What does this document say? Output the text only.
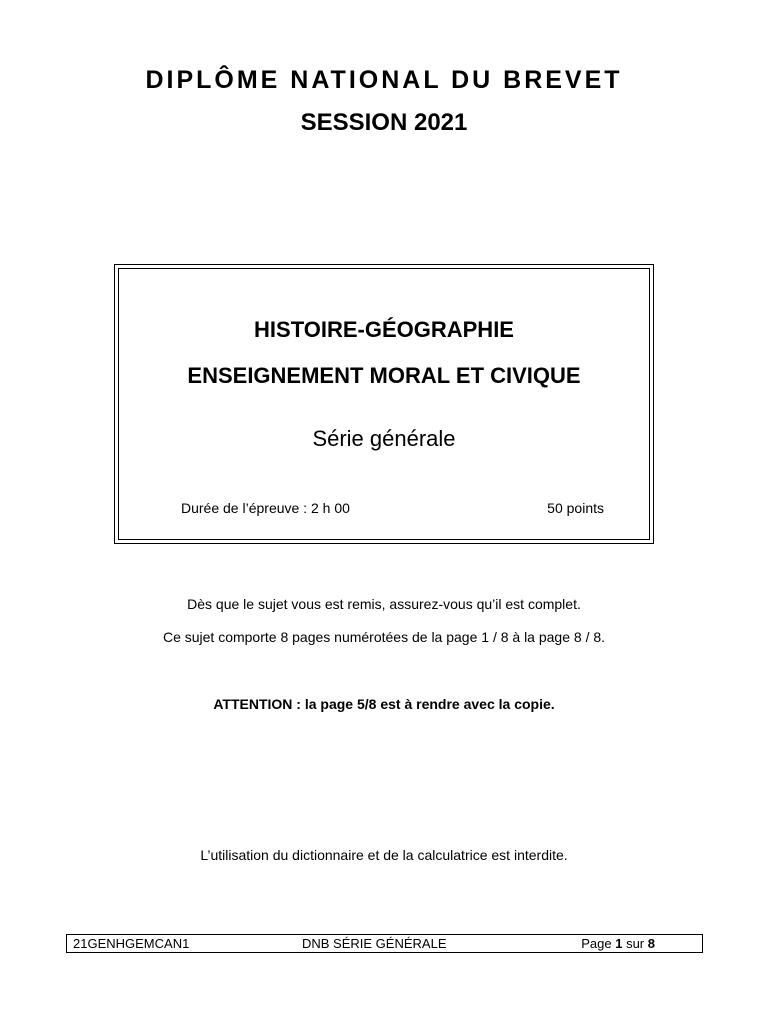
DIPLÔME NATIONAL DU BREVET
SESSION 2021
HISTOIRE-GÉOGRAPHIE
ENSEIGNEMENT MORAL ET CIVIQUE
Série générale
Durée de l’épreuve : 2 h 00	50 points
Dès que le sujet vous est remis, assurez-vous qu’il est complet.
Ce sujet comporte 8 pages numérotées de la page 1 / 8 à la page 8 / 8.
ATTENTION : la page 5/8 est à rendre avec la copie.
L’utilisation du dictionnaire et de la calculatrice est interdite.
21GENHGEMCAN1	DNB SÉRIE GÉNÉRALE	Page 1 sur 8
